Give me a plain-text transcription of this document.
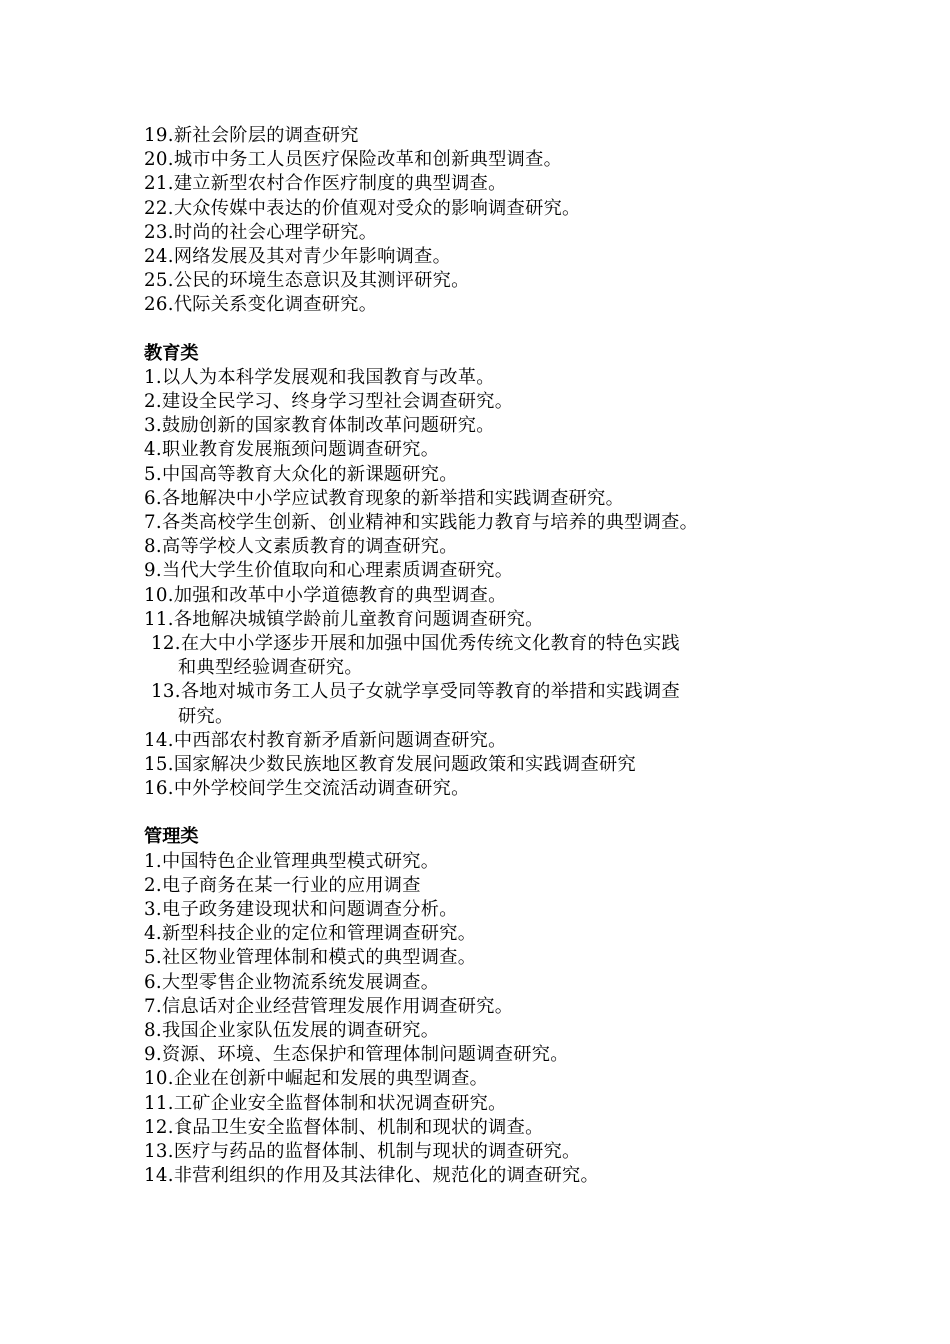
19.新社会阶层的调查研究
20.城市中务工人员医疗保险改革和创新典型调查。
21.建立新型农村合作医疗制度的典型调查。
22.大众传媒中表达的价值观对受众的影响调查研究。
23.时尚的社会心理学研究。
24.网络发展及其对青少年影响调查。
25.公民的环境生态意识及其测评研究。
26.代际关系变化调查研究。
教育类
1.以人为本科学发展观和我国教育与改革。
2.建设全民学习、终身学习型社会调查研究。
3.鼓励创新的国家教育体制改革问题研究。
4.职业教育发展瓶颈问题调查研究。
5.中国高等教育大众化的新课题研究。
6.各地解决中小学应试教育现象的新举措和实践调查研究。
7.各类高校学生创新、创业精神和实践能力教育与培养的典型调查。
8.高等学校人文素质教育的调查研究。
9.当代大学生价值取向和心理素质调查研究。
10.加强和改革中小学道德教育的典型调查。
11.各地解决城镇学龄前儿童教育问题调查研究。
12.在大中小学逐步开展和加强中国优秀传统文化教育的特色实践
和典型经验调查研究。
13.各地对城市务工人员子女就学享受同等教育的举措和实践调查
研究。
14.中西部农村教育新矛盾新问题调查研究。
15.国家解决少数民族地区教育发展问题政策和实践调查研究
16.中外学校间学生交流活动调查研究。
管理类
1.中国特色企业管理典型模式研究。
2.电子商务在某一行业的应用调查
3.电子政务建设现状和问题调查分析。
4.新型科技企业的定位和管理调查研究。
5.社区物业管理体制和模式的典型调查。
6.大型零售企业物流系统发展调查。
7.信息话对企业经营管理发展作用调查研究。
8.我国企业家队伍发展的调查研究。
9.资源、环境、生态保护和管理体制问题调查研究。
10.企业在创新中崛起和发展的典型调查。
11.工矿企业安全监督体制和状况调查研究。
12.食品卫生安全监督体制、机制和现状的调查。
13.医疗与药品的监督体制、机制与现状的调查研究。
14.非营利组织的作用及其法律化、规范化的调查研究。
